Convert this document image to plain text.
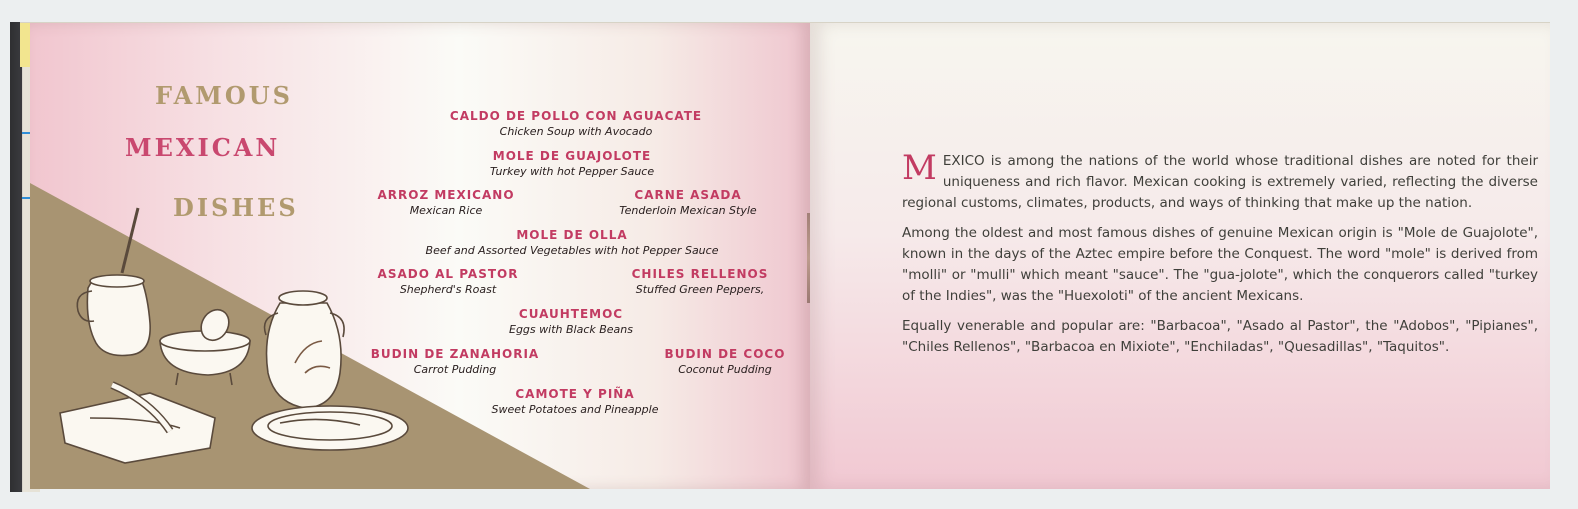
FAMOUS
MEXICAN
DISHES
CALDO DE POLLO CON AGUACATE
Chicken Soup with Avocado
MOLE DE GUAJOLOTE
Turkey with hot Pepper Sauce
ARROZ MEXICANO
Mexican Rice
CARNE ASADA
Tenderloin Mexican Style
MOLE DE OLLA
Beef and Assorted Vegetables with hot Pepper Sauce
ASADO AL PASTOR
Shepherd's Roast
CHILES RELLENOS
Stuffed Green Peppers,
CUAUHTEMOC
Eggs with Black Beans
BUDIN DE ZANAHORIA
Carrot Pudding
BUDIN DE COCO
Coconut Pudding
CAMOTE Y PIÑA
Sweet Potatoes and Pineapple

MEXICO is among the nations of the world whose traditional dishes are noted for their uniqueness and rich flavor. Mexican cooking is extremely varied, reflecting the diverse regional customs, climates, products, and ways of thinking that make up the nation.

Among the oldest and most famous dishes of genuine Mexican origin is "Mole de Guajolote", known in the days of the Aztec empire before the Conquest. The word "mole" is derived from "molli" or "mulli" which meant "sauce". The "gua-jolote", which the conquerors called "turkey of the Indies", was the "Huexoloti" of the ancient Mexicans.

Equally venerable and popular are: "Barbacoa", "Asado al Pastor", the "Adobos", "Pipianes", "Chiles Rellenos", "Barbacoa en Mixiote", "Enchiladas", "Quesadillas", "Taquitos".
